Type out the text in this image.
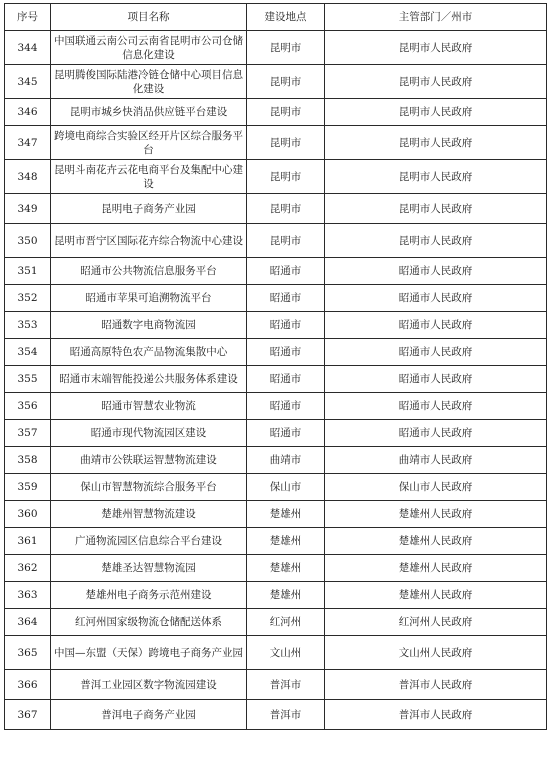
序号	项目名称	建设地点	主管部门／州市
344	中国联通云南公司云南省昆明市公司仓储信息化建设	昆明市	昆明市人民政府
345	昆明腾俊国际陆港冷链仓储中心项目信息化建设	昆明市	昆明市人民政府
346	昆明市城乡快消品供应链平台建设	昆明市	昆明市人民政府
347	跨境电商综合实验区经开片区综合服务平台	昆明市	昆明市人民政府
348	昆明斗南花卉云花电商平台及集配中心建设	昆明市	昆明市人民政府
349	昆明电子商务产业园	昆明市	昆明市人民政府
350	昆明市晋宁区国际花卉综合物流中心建设	昆明市	昆明市人民政府
351	昭通市公共物流信息服务平台	昭通市	昭通市人民政府
352	昭通市苹果可追溯物流平台	昭通市	昭通市人民政府
353	昭通数字电商物流园	昭通市	昭通市人民政府
354	昭通高原特色农产品物流集散中心	昭通市	昭通市人民政府
355	昭通市末端智能投递公共服务体系建设	昭通市	昭通市人民政府
356	昭通市智慧农业物流	昭通市	昭通市人民政府
357	昭通市现代物流园区建设	昭通市	昭通市人民政府
358	曲靖市公铁联运智慧物流建设	曲靖市	曲靖市人民政府
359	保山市智慧物流综合服务平台	保山市	保山市人民政府
360	楚雄州智慧物流建设	楚雄州	楚雄州人民政府
361	广通物流园区信息综合平台建设	楚雄州	楚雄州人民政府
362	楚雄圣达智慧物流园	楚雄州	楚雄州人民政府
363	楚雄州电子商务示范州建设	楚雄州	楚雄州人民政府
364	红河州国家级物流仓储配送体系	红河州	红河州人民政府
365	中国—东盟（天保）跨境电子商务产业园	文山州	文山州人民政府
366	普洱工业园区数字物流园建设	普洱市	普洱市人民政府
367	普洱电子商务产业园	普洱市	普洱市人民政府
